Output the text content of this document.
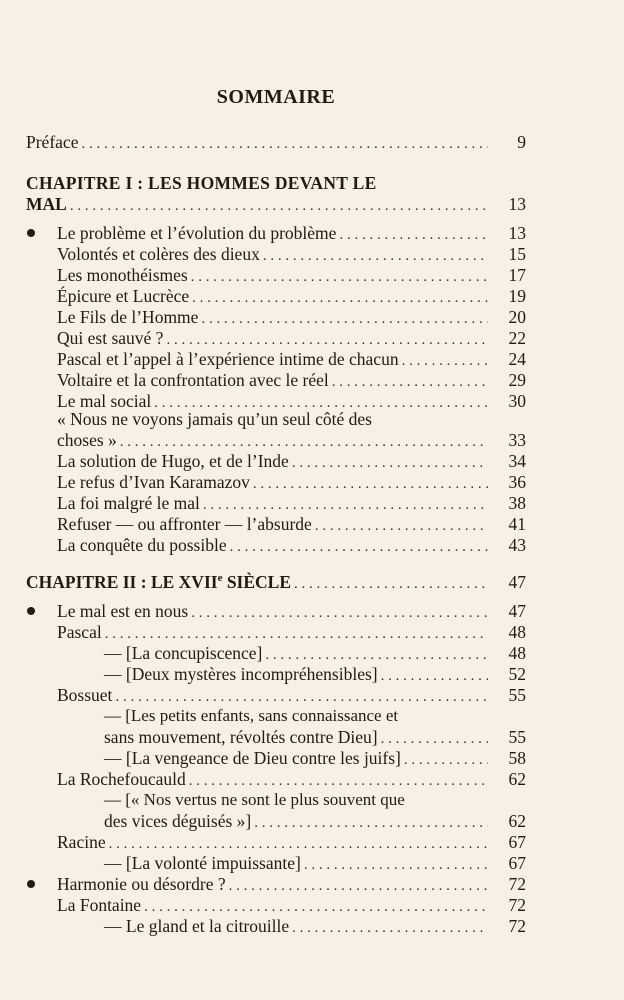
SOMMAIRE
Préface . . .	9
CHAPITRE I : LES HOMMES DEVANT LE
MAL . . .	13
Le problème et l’évolution du problème . . .	13
Volontés et colères des dieux . . .	15
Les monothéismes . . .	17
Épicure et Lucrèce . . .	19
Le Fils de l’Homme . . .	20
Qui est sauvé ? . . .	22
Pascal et l’appel à l’expérience intime de chacun . . .	24
Voltaire et la confrontation avec le réel . . .	29
Le mal social . . .	30
« Nous ne voyons jamais qu’un seul côté des
choses » . . .	33
La solution de Hugo, et de l’Inde . . .	34
Le refus d’Ivan Karamazov . . .	36
La foi malgré le mal . . .	38
Refuser — ou affronter — l’absurde . . .	41
La conquête du possible . . .	43
CHAPITRE II : LE XVIIe SIÈCLE . . .	47
Le mal est en nous . . .	47
Pascal . . .	48
— [La concupiscence] . . .	48
— [Deux mystères incompréhensibles] . . .	52
Bossuet . . .	55
— [Les petits enfants, sans connaissance et
sans mouvement, révoltés contre Dieu] . . .	55
— [La vengeance de Dieu contre les juifs] . . .	58
La Rochefoucauld . . .	62
— [« Nos vertus ne sont le plus souvent que
des vices déguisés »] . . .	62
Racine . . .	67
— [La volonté impuissante] . . .	67
Harmonie ou désordre ? . . .	72
La Fontaine . . .	72
— Le gland et la citrouille . . .	72
